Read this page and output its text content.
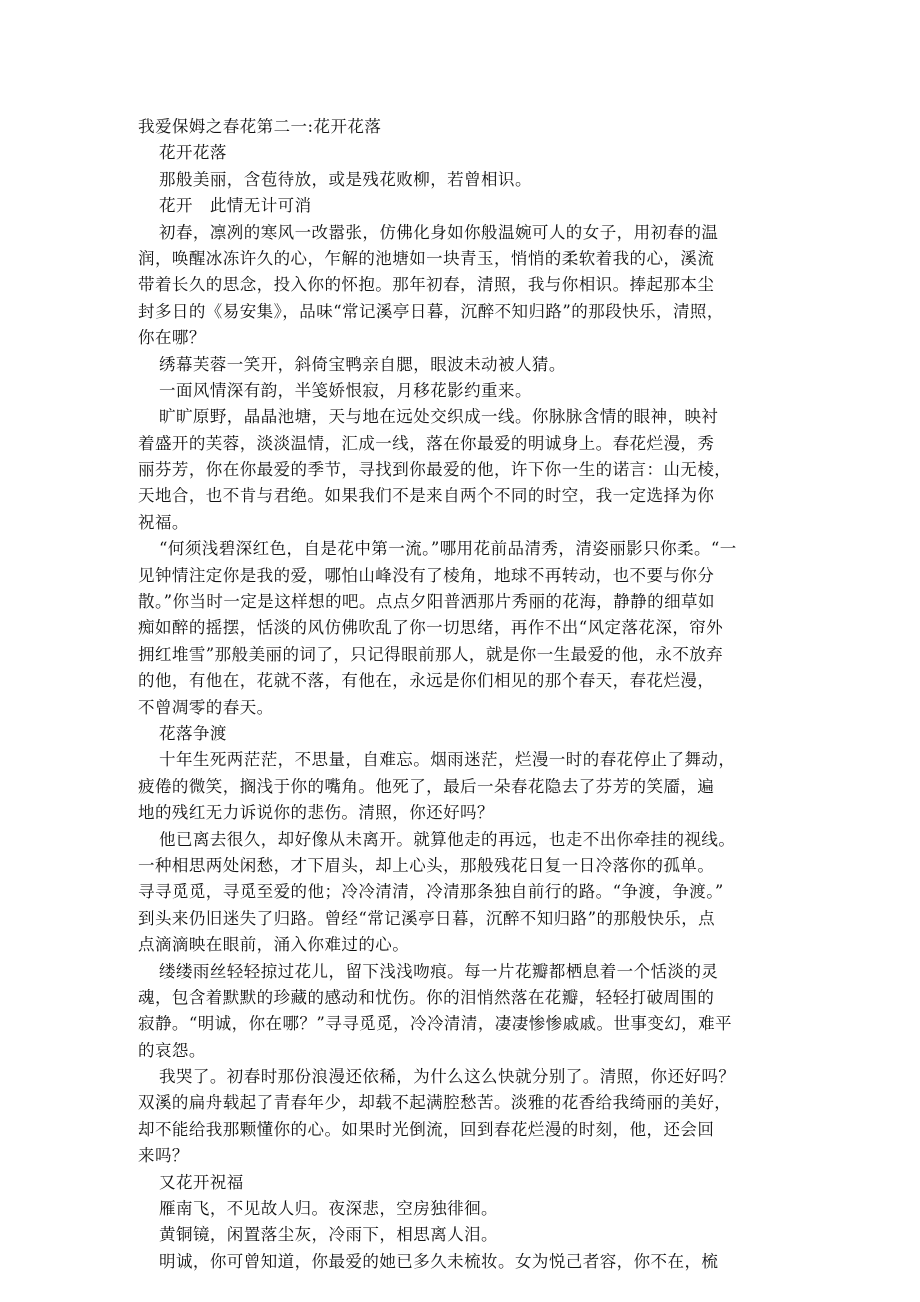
我爱保姆之春花第二一:花开花落
花开花落
那般美丽，含苞待放，或是残花败柳，若曾相识。
花开　此情无计可消
初春，凛冽的寒风一改嚣张，仿佛化身如你般温婉可人的女子，用初春的温
润，唤醒冰冻许久的心，乍解的池塘如一块青玉，悄悄的柔软着我的心，溪流
带着长久的思念，投入你的怀抱。那年初春，清照，我与你相识。捧起那本尘
封多日的《易安集》，品味“常记溪亭日暮，沉醉不知归路”的那段快乐，清照，
你在哪？
绣幕芙蓉一笑开，斜倚宝鸭亲自腮，眼波未动被人猜。
一面风情深有韵，半笺娇恨寂，月移花影约重来。
旷旷原野，晶晶池塘，天与地在远处交织成一线。你脉脉含情的眼神，映衬
着盛开的芙蓉，淡淡温情，汇成一线，落在你最爱的明诚身上。春花烂漫，秀
丽芬芳，你在你最爱的季节，寻找到你最爱的他，许下你一生的诺言：山无棱，
天地合，也不肯与君绝。如果我们不是来自两个不同的时空，我一定选择为你
祝福。
“何须浅碧深红色，自是花中第一流。”哪用花前品清秀，清姿丽影只你柔。“一
见钟情注定你是我的爱，哪怕山峰没有了棱角，地球不再转动，也不要与你分
散。”你当时一定是这样想的吧。点点夕阳普洒那片秀丽的花海，静静的细草如
痴如醉的摇摆，恬淡的风仿佛吹乱了你一切思绪，再作不出“风定落花深，帘外
拥红堆雪”那般美丽的词了，只记得眼前那人，就是你一生最爱的他，永不放弃
的他，有他在，花就不落，有他在，永远是你们相见的那个春天，春花烂漫，
不曾凋零的春天。
花落争渡
十年生死两茫茫，不思量，自难忘。烟雨迷茫，烂漫一时的春花停止了舞动，
疲倦的微笑，搁浅于你的嘴角。他死了，最后一朵春花隐去了芬芳的笑靥，遍
地的残红无力诉说你的悲伤。清照，你还好吗？
他已离去很久，却好像从未离开。就算他走的再远，也走不出你牵挂的视线。
一种相思两处闲愁，才下眉头，却上心头，那般残花日复一日冷落你的孤单。
寻寻觅觅，寻觅至爱的他；冷冷清清，冷清那条独自前行的路。“争渡，争渡。”
到头来仍旧迷失了归路。曾经“常记溪亭日暮，沉醉不知归路”的那般快乐，点
点滴滴映在眼前，涌入你难过的心。
缕缕雨丝轻轻掠过花儿，留下浅浅吻痕。每一片花瓣都栖息着一个恬淡的灵
魂，包含着默默的珍藏的感动和忧伤。你的泪悄然落在花瓣，轻轻打破周围的
寂静。“明诚，你在哪？”寻寻觅觅，冷冷清清，凄凄惨惨戚戚。世事变幻，难平
的哀怨。
我哭了。初春时那份浪漫还依稀，为什么这么快就分别了。清照，你还好吗？
双溪的扁舟载起了青春年少，却载不起满腔愁苦。淡雅的花香给我绮丽的美好，
却不能给我那颗懂你的心。如果时光倒流，回到春花烂漫的时刻，他，还会回
来吗？
又花开祝福
雁南飞，不见故人归。夜深悲，空房独徘徊。
黄铜镜，闲置落尘灰，冷雨下，相思离人泪。
明诚，你可曾知道，你最爱的她已多久未梳妆。女为悦己者容，你不在，梳
